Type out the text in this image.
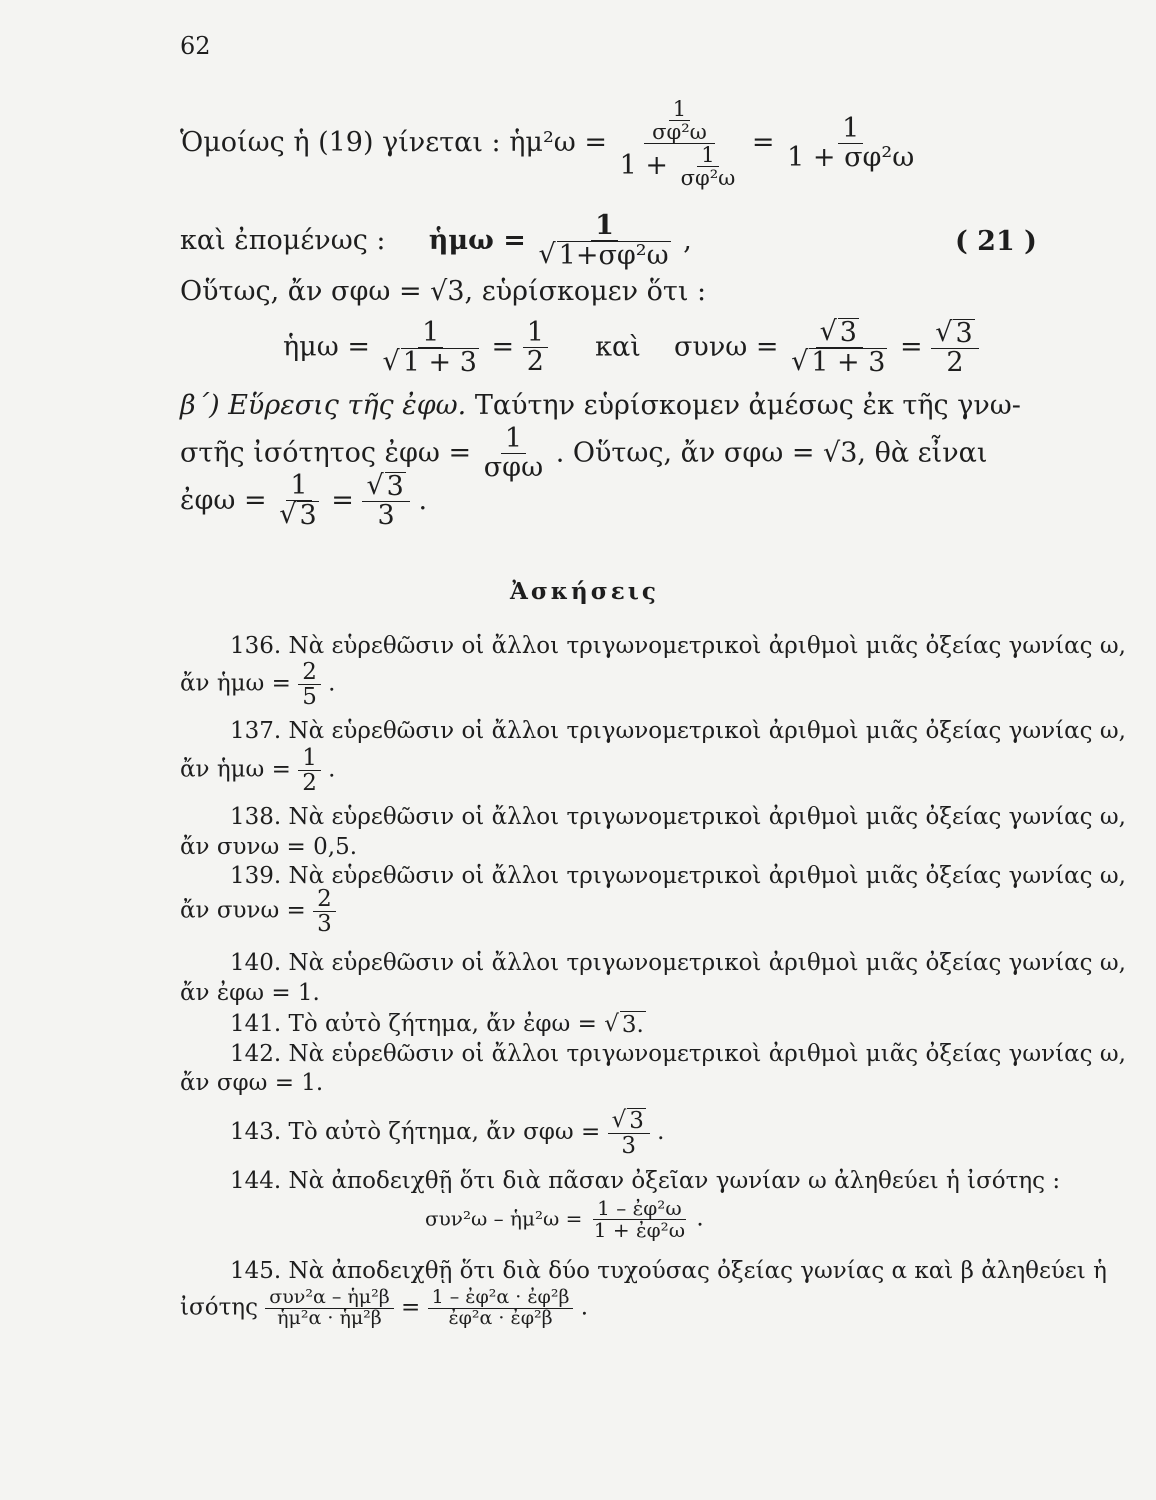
62
Ὁμοίως ἡ (19) γίνεται : ἡμ²ω = $\frac{\frac{1}{\text{σφ²ω}}}{1 + \frac{1}{\text{σφ²ω}}} = \frac{1}{\text{1 + σφ²ω}}$
καὶ ἐπομένως : ἡμω = $\frac{1}{\text{√ 1+σφ²ω}}$ ,	( 21 )
Οὕτως, ἄν σφω = √3, εὑρίσκομεν ὅτι :
ἡμω = $\frac{1}{√ 1 + 3} = \frac{1}{2}$ καὶ $\sigma\upsilon\nu\omega = \frac{√ 3}{√ 1 + 3} = \frac{√ 3}{2}$
β΄) Εὕρεσις τῆς ἐφω. Ταύτην εὑρίσκομεν ἀμέσως ἐκ τῆς γνω-
στῆς ἰσότητος ἐφω = $\frac{1}{\text{σφω}}$ . Οὕτως, ἄν σφω = √3, θὰ εἶναι
ἐφω = $\frac{1}{√ 3} = \frac{√ 3}{3}$ .
Ἀσκήσεις
136. Νὰ εὑρεθῶσιν οἱ ἄλλοι τριγωνομετρικοὶ ἀριθμοὶ μιᾶς ὀξείας γωνίας ω,
ἄν ἡμω = $\frac{2}{5}$ .
137. Νὰ εὑρεθῶσιν οἱ ἄλλοι τριγωνομετρικοὶ ἀριθμοὶ μιᾶς ὀξείας γωνίας ω,
ἄν ἡμω = $\frac{1}{2}$ .
138. Νὰ εὑρεθῶσιν οἱ ἄλλοι τριγωνομετρικοὶ ἀριθμοὶ μιᾶς ὀξείας γωνίας ω,
ἄν συνω = 0,5.
139. Νὰ εὑρεθῶσιν οἱ ἄλλοι τριγωνομετρικοὶ ἀριθμοὶ μιᾶς ὀξείας γωνίας ω,
ἄν $\sigma\upsilon\nu\omega = \frac{2}{3}$
140. Νὰ εὑρεθῶσιν οἱ ἄλλοι τριγωνομετρικοὶ ἀριθμοὶ μιᾶς ὀξείας γωνίας ω,
ἄν ἐφω = 1.
141. Τὸ αὐτὸ ζήτημα, ἄν ἐφω = √ 3.
142. Νὰ εὑρεθῶσιν οἱ ἄλλοι τριγωνομετρικοὶ ἀριθμοὶ μιᾶς ὀξείας γωνίας ω,
ἄν σφω = 1.
143. Τὸ αὐτὸ ζήτημα, ἄν $\sigma\varphi\omega = \frac{√ 3}{3}$ .
144. Νὰ ἀποδειχθῇ ὅτι διὰ πᾶσαν ὀξεῖαν γωνίαν ω ἀληθεύει ἡ ἰσότης :
συν²ω – ἡμ²ω = $\frac{\text{1 – ἐφ²ω}}{\text{1 + ἐφ²ω}}$ .
145. Νὰ ἀποδειχθῇ ὅτι διὰ δύο τυχούσας ὀξείας γωνίας α καὶ β ἀληθεύει ἡ
ἰσότης $\frac{\text{συν²α – ἡμ²β}}{\text{ἡμ²α · ἡμ²β}} = \frac{\text{1 – ἐφ²α · ἐφ²β}}{\text{ἐφ²α · ἐφ²β}}$ .
